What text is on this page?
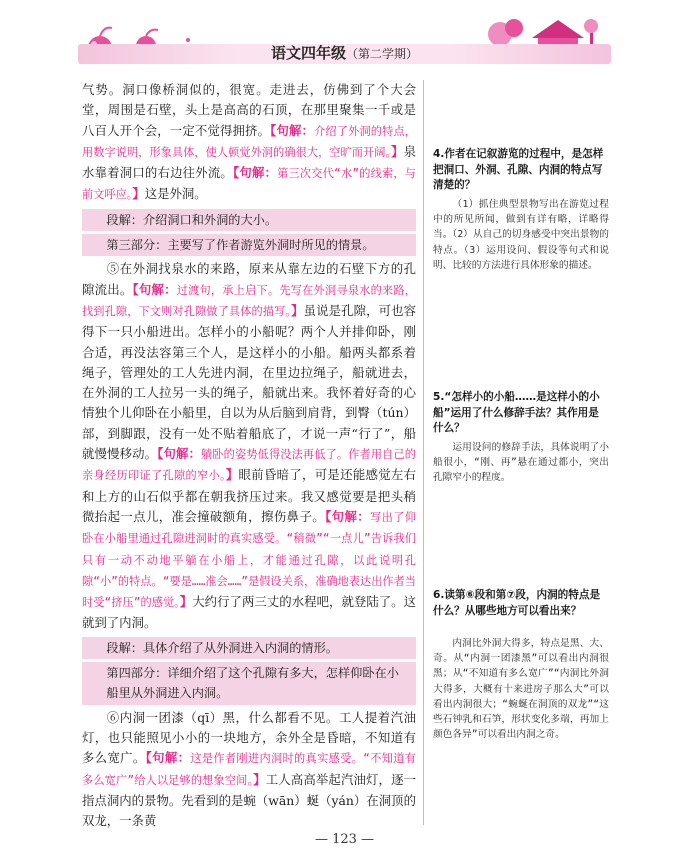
语文四年级（第二学期）

气势。洞口像桥洞似的，很宽。走进去，仿佛到了个大会堂，周围是石壁，头上是高高的石顶，在那里聚集一千或是八百人开个会，一定不觉得拥挤。【句解：介绍了外洞的特点，用数字说明，形象具体，使人顿觉外洞的确很大，空旷而开阔。】泉水靠着洞口的右边往外流。【句解：第三次交代“水”的线索，与前文呼应。】这是外洞。

段解：介绍洞口和外洞的大小。
第三部分：主要写了作者游览外洞时所见的情景。

⑤在外洞找泉水的来路，原来从靠左边的石壁下方的孔隙流出。【句解：过渡句，承上启下。先写在外洞寻泉水的来路，找到孔隙，下文则对孔隙做了具体的描写。】虽说是孔隙，可也容得下一只小船进出。怎样小的小船呢？两个人并排仰卧，刚合适，再没法容第三个人，是这样小的小船。船两头都系着绳子，管理处的工人先进内洞，在里边拉绳子，船就进去，在外洞的工人拉另一头的绳子，船就出来。我怀着好奇的心情独个儿仰卧在小船里，自以为从后脑到肩背，到臀（tún）部，到脚跟，没有一处不贴着船底了，才说一声“行了”，船就慢慢移动。【句解：躺卧的姿势低得没法再低了。作者用自己的亲身经历印证了孔隙的窄小。】眼前昏暗了，可是还能感觉左右和上方的山石似乎都在朝我挤压过来。我又感觉要是把头稍微抬起一点儿，准会撞破额角，擦伤鼻子。【句解：写出了仰卧在小船里通过孔隙进洞时的真实感受。“稍微”“一点儿”告诉我们只有一动不动地平躺在小船上，才能通过孔隙，以此说明孔隙“小”的特点。“要是……准会……”是假设关系，准确地表达出作者当时受“挤压”的感觉。】大约行了两三丈的水程吧，就登陆了。这就到了内洞。

段解：具体介绍了从外洞进入内洞的情形。
第四部分：详细介绍了这个孔隙有多大，怎样仰卧在小船里从外洞进入内洞。

⑥内洞一团漆（qī）黑，什么都看不见。工人提着汽油灯，也只能照见小小的一块地方，余外全是昏暗，不知道有多么宽广。【句解：这是作者刚进内洞时的真实感受。“不知道有多么宽广”给人以足够的想象空间。】工人高高举起汽油灯，逐一指点洞内的景物。先看到的是蜿（wān）蜒（yán）在洞顶的双龙，一条黄

4.作者在记叙游览的过程中，是怎样把洞口、外洞、孔隙、内洞的特点写清楚的？

（1）抓住典型景物写出在游览过程中的所见所闻，做到有详有略，详略得当。（2）从自己的切身感受中突出景物的特点。（3）运用设问、假设等句式和说明、比较的方法进行具体形象的描述。

5.“怎样小的小船……是这样小的小船”运用了什么修辞手法？其作用是什么？

运用设问的修辞手法，具体说明了小船很小，“刚、再”悬在通过都小，突出孔隙窄小的程度。

6.读第⑥段和第⑦段，内洞的特点是什么？从哪些地方可以看出来？

内洞比外洞大得多，特点是黑、大、奇。从“内洞一团漆黑”可以看出内洞很黑；从“不知道有多么宽广”“内洞比外洞大得多，大概有十来进房子那么大”可以看出内洞很大；“蜿蜒在洞顶的双龙”“这些石钟乳和石笋，形状变化多端，再加上颜色各异”可以看出内洞之奇。

— 123 —
